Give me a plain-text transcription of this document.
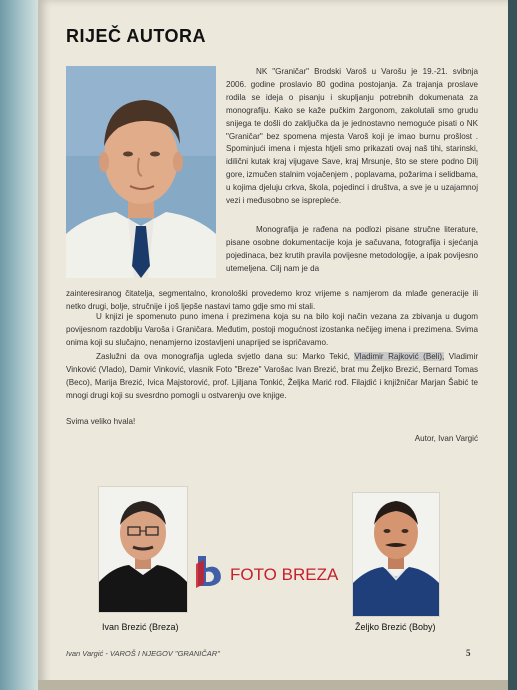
RIJEČ AUTORA

NK "Graničar" Brodski Varoš u Varošu je 19.-21. svibnja 2006. godine proslavio 80 godina postojanja. Za trajanja proslave rodila se ideja o pisanju i skupljanju potrebnih dokumenata za monografiju. Kako se kaže pučkim žargonom, zakolutali smo grudu snijega te došli do zaključka da je jednostavno nemoguće pisati o NK "Graničar" bez spomena mjesta Varoš koji je imao burnu prošlost . Spominjući imena i mjesta htjeli smo prikazati ovaj naš tihi, starinski, idilični kutak kraj vijugave Save, kraj Mrsunje, što se stere podno Dilj gore, izmučen stalnim vojačenjem , poplavama, požarima i selidbama, u kojima djeluju crkva, škola, pojedinci i društva, a sve je u uzajamnoj vezi i međusobno se isprepleće.

Monografija je rađena na podlozi pisane stručne literature, pisane osobne dokumentacije koja je sačuvana, fotografija i sjećanja pojedinaca, bez krutih pravila povijesne metodologije, a ipak povijesno utemeljena. Cilj nam je da

zainteresiranog čitatelja, segmentalno, kronološki provedemo kroz vrijeme s namjerom da mlađe generacije ili netko drugi, bolje, stručnije i još ljepše nastavi tamo gdje smo mi stali.

U knjizi je spomenuto puno imena i prezimena koja su na bilo koji način vezana za zbivanja u dugom povijesnom razdoblju Varoša i Graničara. Međutim, postoji mogućnost izostanka nečijeg imena i prezimena. Svima onima koji su slučajno, nenamjerno izostavljeni unaprijed se ispričavamo.

Zaslužni da ova monografija ugleda svjetlo dana su: Marko Tekić, Vladimir Rajković (Beli), Vladimir Vinković (Vlado), Damir Vinković, vlasnik Foto "Breze" Varošac Ivan Brezić, brat mu Željko Brezić, Bernard Tomas (Beco), Marija Brezić, Ivica Majstorović, prof. Ljiljana Tonkić, Željka Marić rođ. Filajdić i knjižničar Marjan Šabić te mnogi drugi koji su svesrdno pomogli u ostvarenju ove knjige.

Svima veliko hvala!
Autor, Ivan Vargić
Ivan Brezić (Breza)
FOTO BREZA
Željko Brezić (Boby)
Ivan Vargić - VAROŠ I NJEGOV "GRANIČAR"	5
